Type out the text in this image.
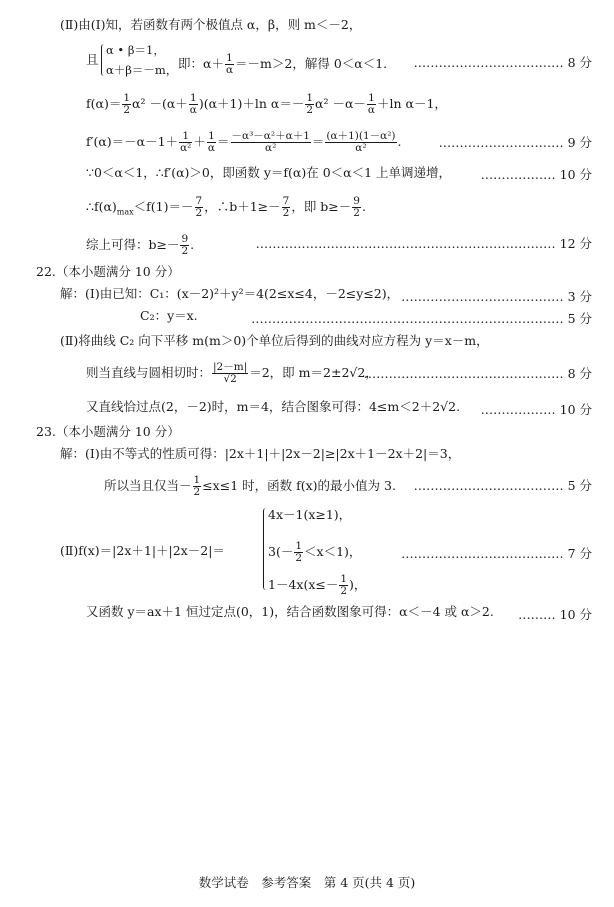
(Ⅱ)由(Ⅰ)知，若函数有两个极值点 α，β，则 m＜－2，
且
α • β＝1，
α＋β＝－m， 即：$\alpha+ \frac{1}{\alpha} =-m>2$，解得 0＜α＜1. ……………………………… 8 分
$f(\alpha)= \frac{1}{2} \alpha^2 -(\alpha+ \frac{1}{\alpha} )(\alpha+1)+\ln$ $\alpha=- \frac{1}{2} \alpha^2 -\alpha- \frac{1}{\alpha} +\ln$ α－1，
$f'(\alpha)=-\alpha-1+ \frac{1}{\text{α²}} + \frac{1}{\alpha} = \frac{\text{－α³－α²＋α＋1}}{\text{α²}} = \frac{\text{(α＋1)(1－α²)}}{\text{α²}}$ .	………………………… 9 分
∵0＜α＜1，∴f′(α)＞0，即函数 y＝f(α)在 0＜α＜1 上单调递增， ……………… 10 分
$\therefore f(\alpha)_{max}<f(1)=- \frac{7}{2}$ ，∴b＋1≥－ $\frac{7}{2}$ ，即 $b\ge- \frac{9}{2}$ .
综上可得：$b\ge- \frac{9}{2}$ .	……………………………………………………………… 12 分
22.（本小题满分 10 分）
解：(Ⅰ)由已知：C₁：(x－2)²＋y²＝4(2≤x≤4，－2≤y≤2)， ………………………………… 3 分
C₂：y＝x.	………………………………………………………………… 5 分
(Ⅱ)将曲线 C₂ 向下平移 m(m＞0)个单位后得到的曲线对应方程为 y＝x－m，
则当直线与圆相切时： $\frac{|2-m|}{√2} =2$，即 m＝2±2√2，
………………………………………… 8 分
又直线恰过点(2，－2)时，m＝4，结合图象可得：4≤m＜2＋2√2. ……………… 10 分
23.（本小题满分 10 分）
解：(Ⅰ)由不等式的性质可得：|2x＋1|＋|2x－2|≥|2x＋1－2x＋2|＝3，
所以当且仅当－ $\frac{1}{2} \le x\le 1$ 时，函数 f(x)的最小值为 3. ……………………………… 5 分
(Ⅱ)f(x)＝|2x＋1|＋|2x－2|＝
4x－1(x≥1)，
$3(- \frac{1}{2} <x<1)$，
$1-4x(x\le- \frac{1}{2}$ )，
………………………………… 7 分
又函数 y＝ax＋1 恒过定点(0，1)，结合函数图象可得：α＜－4 或 α＞2. ……… 10 分
数学试卷　参考答案　第 4 页(共 4 页)
